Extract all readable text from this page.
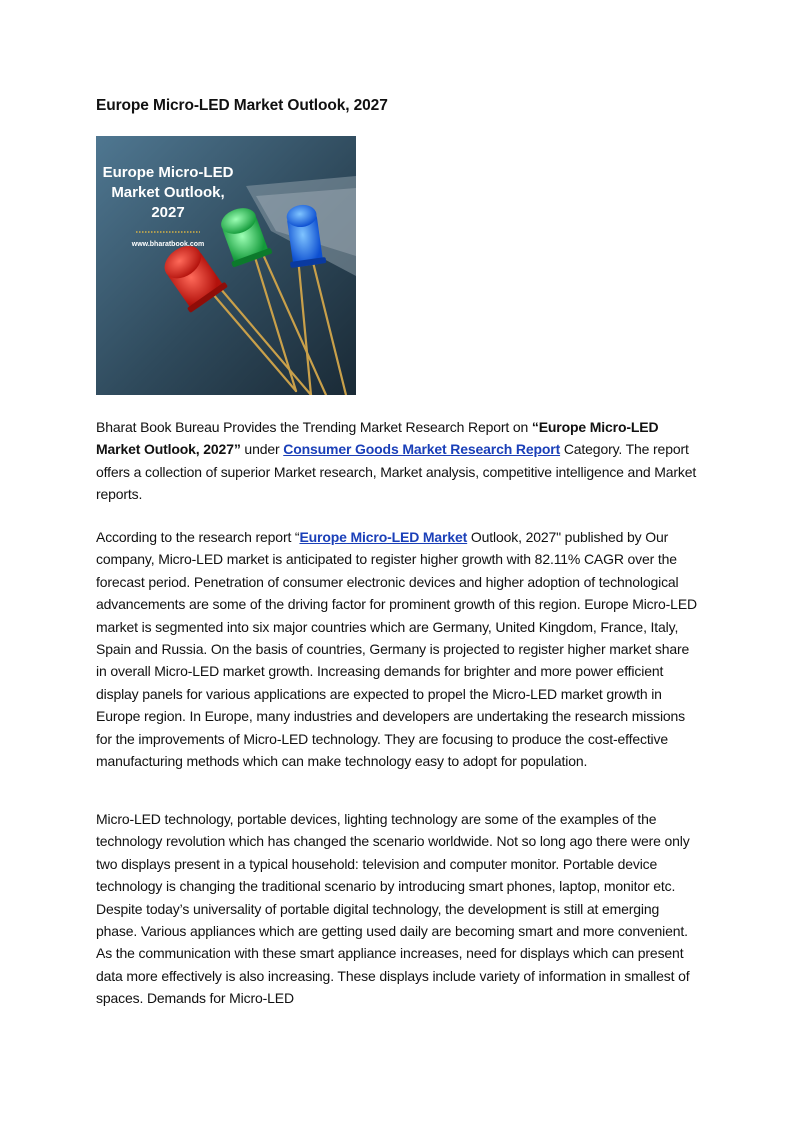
Europe Micro-LED Market Outlook, 2027
Europe Micro-LED
Market Outlook,
2027
www.bharatbook.com

Bharat Book Bureau Provides the Trending Market Research Report on “Europe Micro-LED Market Outlook, 2027” under Consumer Goods Market Research Report Category. The report offers a collection of superior Market research, Market analysis, competitive intelligence and Market reports.

According to the research report “Europe Micro-LED Market Outlook, 2027" published by Our company, Micro-LED market is anticipated to register higher growth with 82.11% CAGR over the forecast period. Penetration of consumer electronic devices and higher adoption of technological advancements are some of the driving factor for prominent growth of this region. Europe Micro-LED market is segmented into six major countries which are Germany, United Kingdom, France, Italy, Spain and Russia. On the basis of countries, Germany is projected to register higher market share in overall Micro-LED market growth. Increasing demands for brighter and more power efficient display panels for various applications are expected to propel the Micro-LED market growth in Europe region. In Europe, many industries and developers are undertaking the research missions for the improvements of Micro-LED technology. They are focusing to produce the cost-effective manufacturing methods which can make technology easy to adopt for population.

Micro-LED technology, portable devices, lighting technology are some of the examples of the technology revolution which has changed the scenario worldwide. Not so long ago there were only two displays present in a typical household: television and computer monitor. Portable device technology is changing the traditional scenario by introducing smart phones, laptop, monitor etc. Despite today’s universality of portable digital technology, the development is still at emerging phase. Various appliances which are getting used daily are becoming smart and more convenient. As the communication with these smart appliance increases, need for displays which can present data more effectively is also increasing. These displays include variety of information in smallest of spaces. Demands for Micro-LED
